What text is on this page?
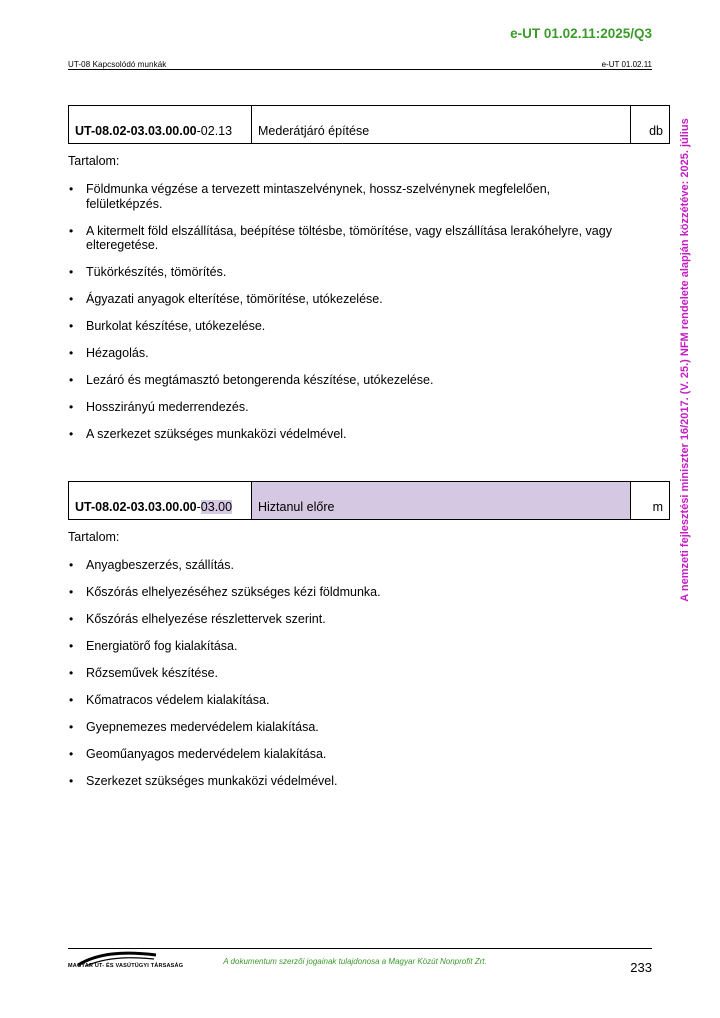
e-UT 01.02.11:2025/Q3
UT-08 Kapcsolódó munkák	e-UT 01.02.11
A nemzeti fejlesztési miniszter 16/2017. (V. 25.) NFM rendelete alapján közzétéve: 2025. július
UT-08.02-03.03.00.00-02.13	Mederátjáró építése	db
Tartalom:
• Földmunka végzése a tervezett mintaszelvénynek, hossz-szelvénynek megfelelően, felületképzés.
• A kitermelt föld elszállítása, beépítése töltésbe, tömörítése, vagy elszállítása lerakóhelyre, vagy elteregetése.
• Tükörkészítés, tömörítés.
• Ágyazati anyagok elterítése, tömörítése, utókezelése.
• Burkolat készítése, utókezelése.
• Hézagolás.
• Lezáró és megtámasztó betongerenda készítése, utókezelése.
• Hosszirányú mederrendezés.
• A szerkezet szükséges munkaközi védelmével.
UT-08.02-03.03.00.00-03.00	Hiztanul előre	m
Tartalom:
• Anyagbeszerzés, szállítás.
• Kőszórás elhelyezéséhez szükséges kézi földmunka.
• Kőszórás elhelyezése részlettervek szerint.
• Energiatörő fog kialakítása.
• Rőzseművek készítése.
• Kőmatracos védelem kialakítása.
• Gyepnemezes medervédelem kialakítása.
• Geoműanyagos medervédelem kialakítása.
• Szerkezet szükséges munkaközi védelmével.
MAGYAR ÚT- ÉS VASÚTÜGYI TÁRSASÁG	A dokumentum szerzői jogainak tulajdonosa a Magyar Közút Nonprofit Zrt.	233
